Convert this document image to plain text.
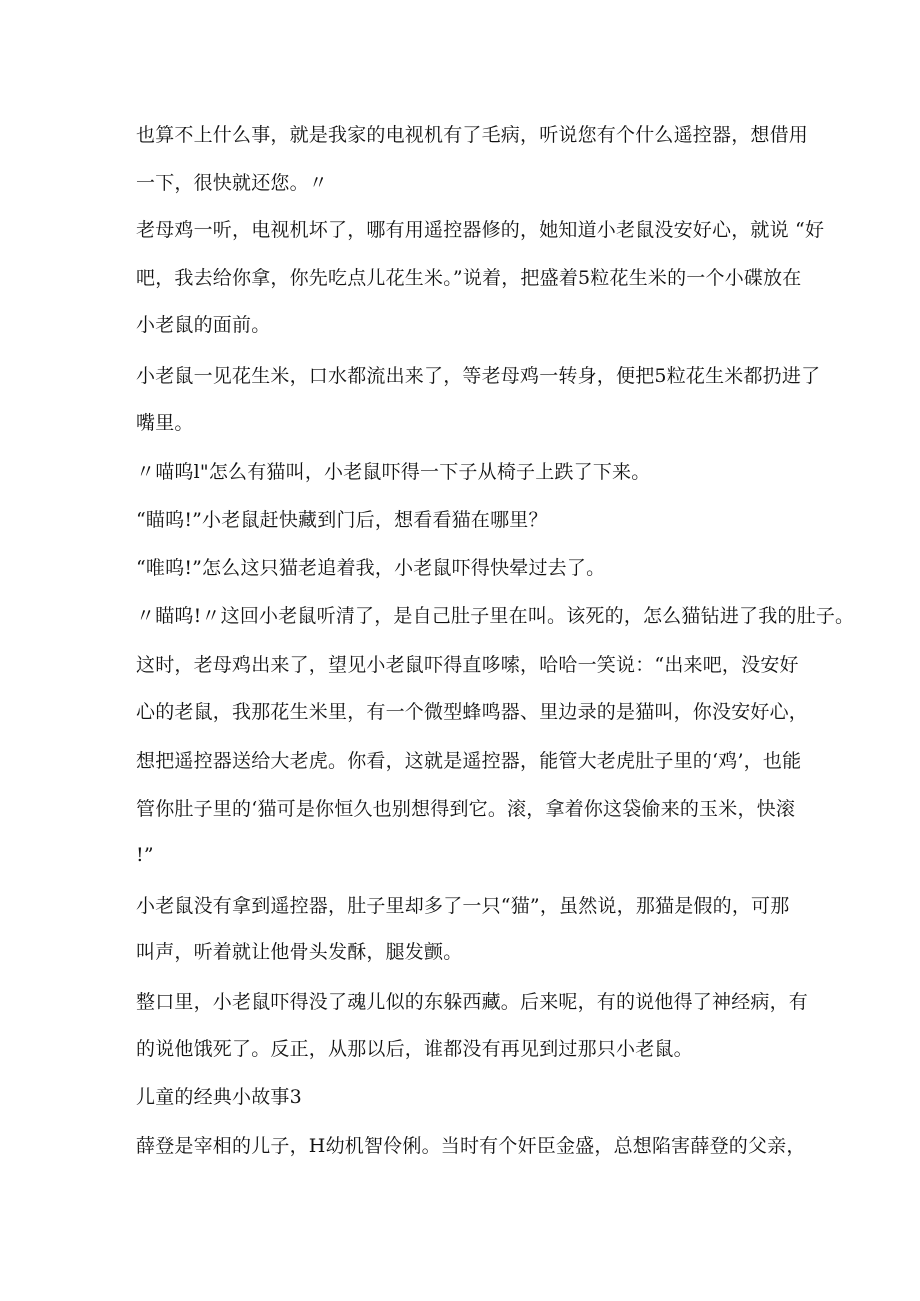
也算不上什么事，就是我家的电视机有了毛病，听说您有个什么遥控器，想借用
一下，很快就还您。〃
老母鸡一听，电视机坏了，哪有用遥控器修的，她知道小老鼠没安好心，就说 “好
吧，我去给你拿，你先吃点儿花生米。”说着，把盛着5粒花生米的一个小碟放在
小老鼠的面前。
小老鼠一见花生米，口水都流出来了，等老母鸡一转身，便把5粒花生米都扔进了
嘴里。
〃喵呜l"怎么有猫叫，小老鼠吓得一下子从椅子上跌了下来。
“瞄呜!”小老鼠赶快藏到门后，想看看猫在哪里？
“唯呜!”怎么这只猫老追着我，小老鼠吓得快晕过去了。
〃瞄呜!〃这回小老鼠听清了，是自己肚子里在叫。该死的，怎么猫钻进了我的肚子。
这时，老母鸡出来了，望见小老鼠吓得直哆嗦，哈哈一笑说：“出来吧，没安好
心的老鼠，我那花生米里，有一个微型蜂鸣器、里边录的是猫叫，你没安好心，
想把遥控器送给大老虎。你看，这就是遥控器，能管大老虎肚子里的‘鸡’，也能
管你肚子里的‘猫可是你恒久也别想得到它。滚，拿着你这袋偷来的玉米，快滚
!”
小老鼠没有拿到遥控器，肚子里却多了一只“猫”，虽然说，那猫是假的，可那
叫声，听着就让他骨头发酥，腿发颤。
整口里，小老鼠吓得没了魂儿似的东躲西藏。后来呢，有的说他得了神经病，有
的说他饿死了。反正，从那以后，谁都没有再见到过那只小老鼠。
儿童的经典小故事3
薛登是宰相的儿子，H幼机智伶俐。当时有个奸臣金盛，总想陷害薛登的父亲，
